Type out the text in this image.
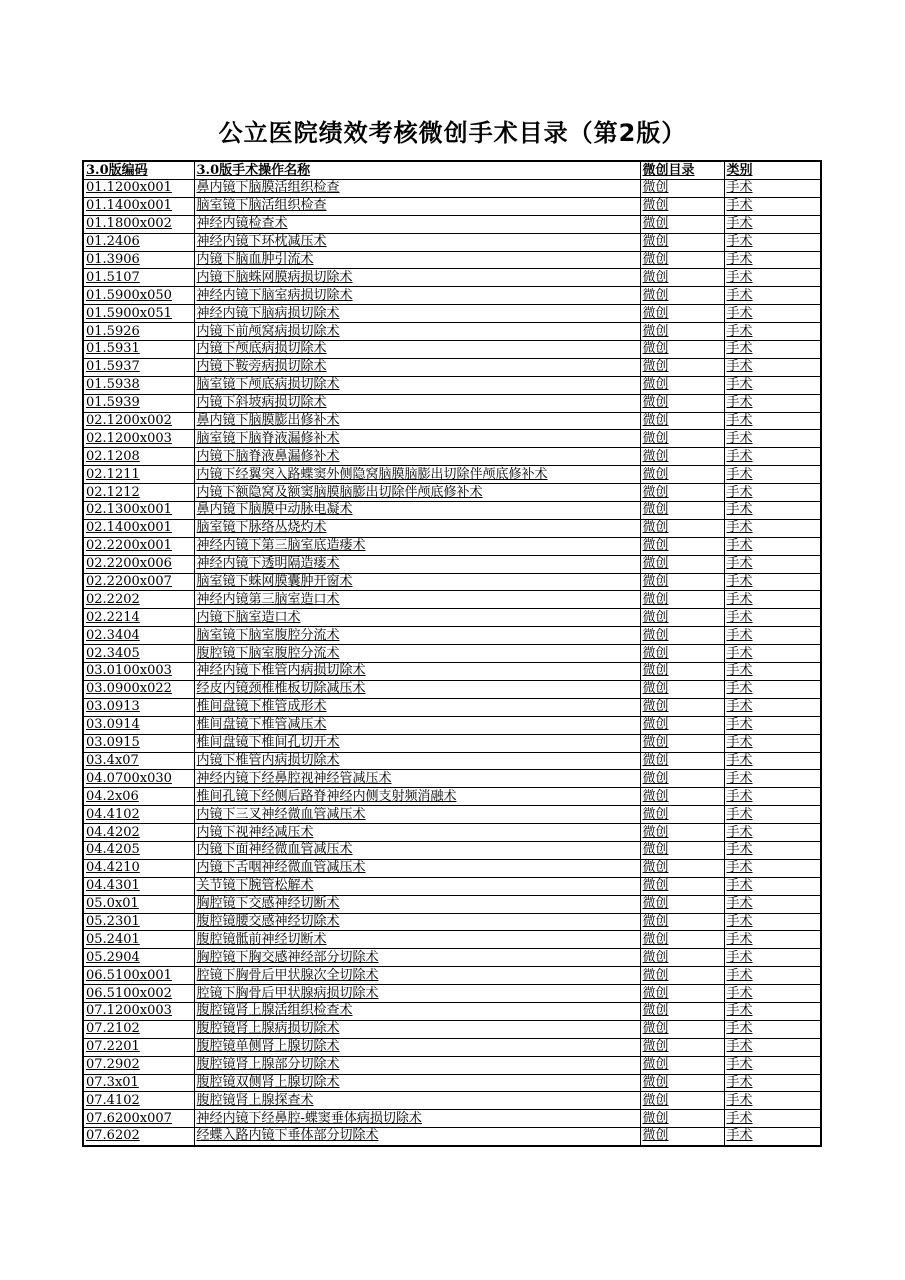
公立医院绩效考核微创手术目录（第2版）
3.0版编码	3.0版手术操作名称	微创目录	类别
01.1200x001	鼻内镜下脑膜活组织检查	微创	手术
01.1400x001	脑室镜下脑活组织检查	微创	手术
01.1800x002	神经内镜检查术	微创	手术
01.2406	神经内镜下环枕减压术	微创	手术
01.3906	内镜下脑血肿引流术	微创	手术
01.5107	内镜下脑蛛网膜病损切除术	微创	手术
01.5900x050	神经内镜下脑室病损切除术	微创	手术
01.5900x051	神经内镜下脑病损切除术	微创	手术
01.5926	内镜下前颅窝病损切除术	微创	手术
01.5931	内镜下颅底病损切除术	微创	手术
01.5937	内镜下鞍旁病损切除术	微创	手术
01.5938	脑室镜下颅底病损切除术	微创	手术
01.5939	内镜下斜坡病损切除术	微创	手术
02.1200x002	鼻内镜下脑膜膨出修补术	微创	手术
02.1200x003	脑室镜下脑脊液漏修补术	微创	手术
02.1208	内镜下脑脊液鼻漏修补术	微创	手术
02.1211	内镜下经翼突入路蝶窦外侧隐窝脑膜脑膨出切除伴颅底修补术	微创	手术
02.1212	内镜下额隐窝及额窦脑膜脑膨出切除伴颅底修补术	微创	手术
02.1300x001	鼻内镜下脑膜中动脉电凝术	微创	手术
02.1400x001	脑室镜下脉络丛烧灼术	微创	手术
02.2200x001	神经内镜下第三脑室底造瘘术	微创	手术
02.2200x006	神经内镜下透明隔造瘘术	微创	手术
02.2200x007	脑室镜下蛛网膜囊肿开窗术	微创	手术
02.2202	神经内镜第三脑室造口术	微创	手术
02.2214	内镜下脑室造口术	微创	手术
02.3404	脑室镜下脑室腹腔分流术	微创	手术
02.3405	腹腔镜下脑室腹腔分流术	微创	手术
03.0100x003	神经内镜下椎管内病损切除术	微创	手术
03.0900x022	经皮内镜颈椎椎板切除减压术	微创	手术
03.0913	椎间盘镜下椎管成形术	微创	手术
03.0914	椎间盘镜下椎管减压术	微创	手术
03.0915	椎间盘镜下椎间孔切开术	微创	手术
03.4x07	内镜下椎管内病损切除术	微创	手术
04.0700x030	神经内镜下经鼻腔视神经管减压术	微创	手术
04.2x06	椎间孔镜下经侧后路脊神经内侧支射频消融术	微创	手术
04.4102	内镜下三叉神经微血管减压术	微创	手术
04.4202	内镜下视神经减压术	微创	手术
04.4205	内镜下面神经微血管减压术	微创	手术
04.4210	内镜下舌咽神经微血管减压术	微创	手术
04.4301	关节镜下腕管松解术	微创	手术
05.0x01	胸腔镜下交感神经切断术	微创	手术
05.2301	腹腔镜腰交感神经切除术	微创	手术
05.2401	腹腔镜骶前神经切断术	微创	手术
05.2904	胸腔镜下胸交感神经部分切除术	微创	手术
06.5100x001	腔镜下胸骨后甲状腺次全切除术	微创	手术
06.5100x002	腔镜下胸骨后甲状腺病损切除术	微创	手术
07.1200x003	腹腔镜肾上腺活组织检查术	微创	手术
07.2102	腹腔镜肾上腺病损切除术	微创	手术
07.2201	腹腔镜单侧肾上腺切除术	微创	手术
07.2902	腹腔镜肾上腺部分切除术	微创	手术
07.3x01	腹腔镜双侧肾上腺切除术	微创	手术
07.4102	腹腔镜肾上腺探查术	微创	手术
07.6200x007	神经内镜下经鼻腔-蝶窦垂体病损切除术	微创	手术
07.6202	经蝶入路内镜下垂体部分切除术	微创	手术
